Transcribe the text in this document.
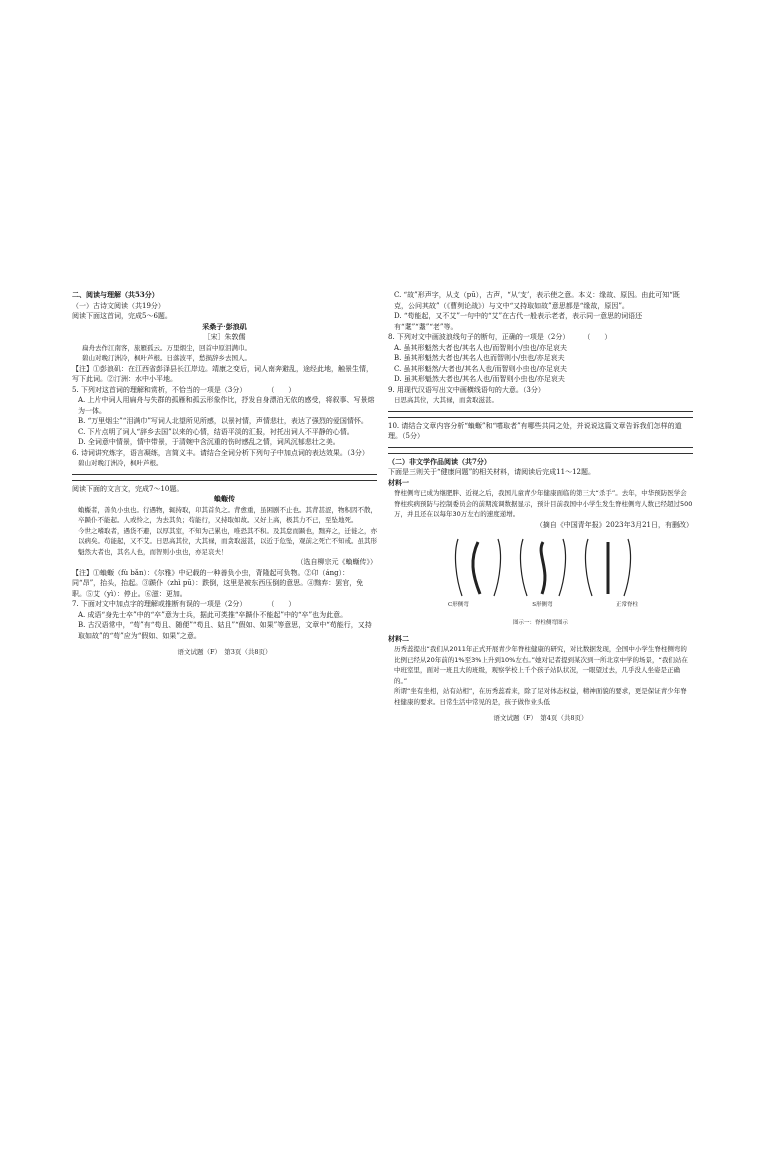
二、阅读与理解（共53分）

（一）古诗文阅读（共19分）

阅读下面这首词，完成5～6题。

采桑子·彭浪矶

［宋］朱敦儒

扁舟去作江南客，旅雁孤云。万里烟尘，回首中原泪满巾。

碧山对晚汀洲冷，枫叶芦根。日落波平，愁损辞乡去国人。

【注】①彭浪矶：在江西省彭泽县长江岸边。靖康之变后，词人南奔避乱，途经此地，触景生情，写下此词。②汀洲：水中小平地。

5. 下列对这首词的理解和赏析，不恰当的一项是（3分）　　　　（　　）

A. 上片中词人用扁舟与失群的孤雁和孤云形象作比，抒发自身漂泊无依的感受，将叙事、写景熔为一体。

B. “万里烟尘”“泪满巾”写词人北望所见所感，以景衬情，声情悲壮，表达了强烈的爱国情怀。

C. 下片点明了词人“辞乡去国”以来的心情，结语平淡的汇报，衬托出词人不平静的心情。

D. 全词意中情景，情中带景，于清婉中含沉重的伤时感乱之情，词风沉郁悲壮之美。

6. 诗词讲究炼字，语言凝练，言简义丰。请结合全词分析下列句子中加点词的表达效果。（3分）

碧山对晚汀洲冷，枫叶芦根。

阅读下面的文言文，完成7～10题。

蝜蝂传

蝜蝂者，善负小虫也。行遇物，辄持取，卬其首负之。背愈重，虽困剧不止也。其背甚涩，物积因不散，卒踬仆不能起。人或怜之，为去其负；苟能行，又持取如故。又好上高，极其力不已，至坠地死。

今世之嗜取者，遇货不避，以厚其室，不知为己累也，唯恐其不积。及其怠而踬也，黜弃之，迁徙之，亦以病矣。苟能起，又不艾。日思高其位，大其禄，而贪取滋甚，以近于危坠，观前之死亡不知戒。虽其形魁然大者也，其名人也，而智则小虫也，亦足哀夫！

（选自柳宗元《蝜蝂传》）

【注】①蝜蝂（fù bǎn）：《尔雅》中记载的一种善负小虫，背隆起可负物。②卬（áng）：同“昂”，抬头，抬起。③踬仆（zhì pū）：跌倒，这里是被东西压倒的意思。④黜弃：罢官，免职。⑤艾（yì）：停止。⑥滋：更加。

7. 下面对文中加点字的理解或推断有误的一项是（2分）　　　　（　　）

A. 成语“身先士卒”中的“卒”意为士兵，据此可类推“卒踬仆不能起”中的“卒”也为此意。

B. 古汉语常中，“苟”有“苟且、随便”“苟且、姑且”“假如、如果”等意思，文章中“苟能行，又持取如故”的“苟”应为“假如、如果”之意。

语文试题（F）　第3页（共8页）

C. “故”形声字，从攴（pū），古声，“从‘支’，表示使之意。本义：缘故、原因。由此可知“既克，公问其故”（《曹刿论战》）与文中“又持取如故”意思都是“缘故，原因”。

D. “苟能起，又不艾”一句中的“艾”在古代一般表示老者，表示同一意思的词语还有“耄”“耋”“老”等。

8. 下列对文中画波浪线句子的断句，正确的一项是（2分）　　　（　　）

A. 虽其形魁然大者也/其名人也/而智则小/虫也/亦足哀夫

B. 虽其形魁然大者也/其名人也而智则小/虫也/亦足哀夫

C. 虽其形魁然/大者也/其名人也/而智则小虫也/亦足哀夫

D. 虽其形魁然大者也/其名人也/而智则小虫也/亦足哀夫

9. 用现代汉语写出文中画横线语句的大意。（3分）

日思高其位，大其禄，而贪取滋甚。

10. 请结合文章内容分析“蝜蝂”和“嗜取者”有哪些共同之处，并说说这篇文章告诉我们怎样的道理。（5分）

（二）非文学作品阅读（共7分）

下面是三则关于“健康问题”的相关材料，请阅读后完成11～12题。

材料一

脊柱侧弯已成为继肥胖、近视之后，我国儿童青少年健康面临的第三大“杀手”。去年，中华预防医学会脊柱疾病预防与控制委员会的前期流调数据显示，预计目前我国中小学生发生脊柱侧弯人数已经超过500万，并且还在以每年30万左右的速度递增。

（摘自《中国青年报》2023年3月21日，有删改）

C形侧弯	S形侧弯	正常脊柱

图示一：脊柱侧弯图示

材料二

历秀蕊提出“我们从2011年正式开展青少年脊柱健康的研究，对比数据发现，全国中小学生脊柱侧弯的比例已经从20年前的1%至3%上升到10%左右。”她对记者提到某次到一所北京中学的场景，“我们站在中班室里，面对一班且大的班级，观察学校上千个孩子站队状况，一眼望过去，几乎没人坐姿是正确的。”

所谓“坐有坐相，站有站相”，在历秀蕊看来，除了足对体态权益，精神面貌的要求，更是保证青少年脊柱健康的要求。日常生活中常见的是，孩子做作业头低

语文试题（F）　第4页（共8页）
